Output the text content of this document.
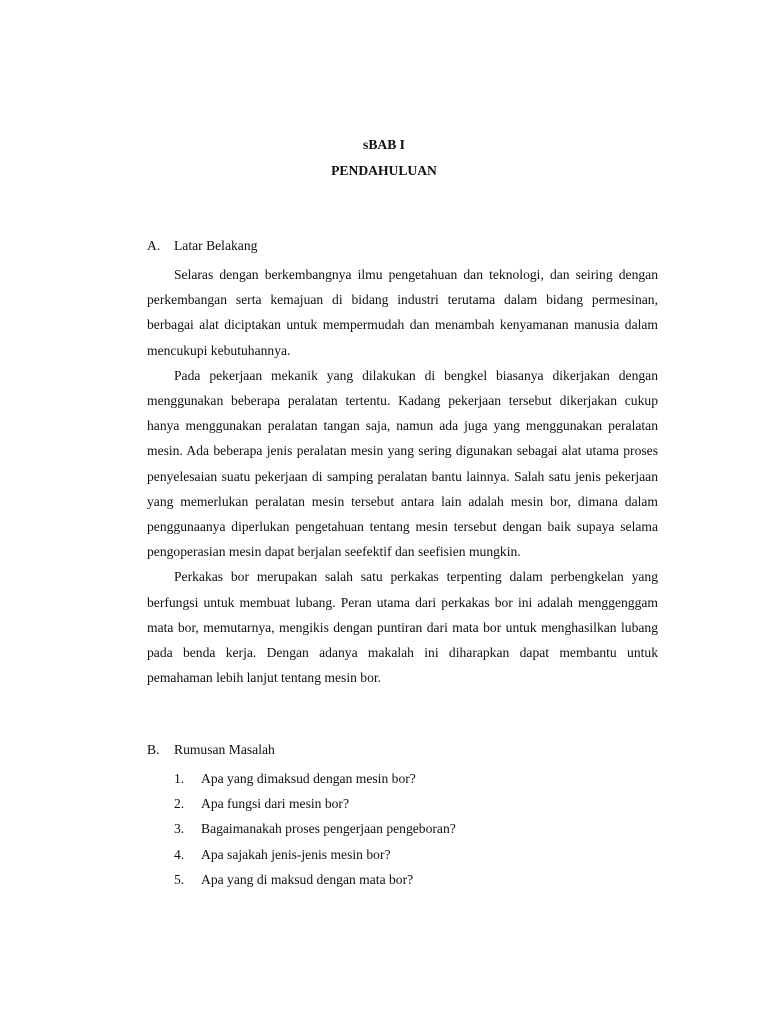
sBAB I
PENDAHULUAN
A. Latar Belakang

Selaras dengan berkembangnya ilmu pengetahuan dan teknologi, dan seiring dengan perkembangan serta kemajuan di bidang industri terutama dalam bidang permesinan, berbagai alat diciptakan untuk mempermudah dan menambah kenyamanan manusia dalam mencukupi kebutuhannya.

Pada pekerjaan mekanik yang dilakukan di bengkel biasanya dikerjakan dengan menggunakan beberapa peralatan tertentu. Kadang pekerjaan tersebut dikerjakan cukup hanya menggunakan peralatan tangan saja, namun ada juga yang menggunakan peralatan mesin. Ada beberapa jenis peralatan mesin yang sering digunakan sebagai alat utama proses penyelesaian suatu pekerjaan di samping peralatan bantu lainnya. Salah satu jenis pekerjaan yang memerlukan peralatan mesin tersebut antara lain adalah mesin bor, dimana dalam penggunaanya diperlukan pengetahuan tentang mesin tersebut dengan baik supaya selama pengoperasian mesin dapat berjalan seefektif dan seefisien mungkin.

Perkakas bor merupakan salah satu perkakas terpenting dalam perbengkelan yang berfungsi untuk membuat lubang. Peran utama dari perkakas bor ini adalah menggenggam mata bor, memutarnya, mengikis dengan puntiran dari mata bor untuk menghasilkan lubang pada benda kerja. Dengan adanya makalah ini diharapkan dapat membantu untuk pemahaman lebih lanjut tentang mesin bor.

B. Rumusan Masalah
1. Apa yang dimaksud dengan mesin bor?
2. Apa fungsi dari mesin bor?
3. Bagaimanakah proses pengerjaan pengeboran?
4. Apa sajakah jenis-jenis mesin bor?
5. Apa yang di maksud dengan mata bor?
